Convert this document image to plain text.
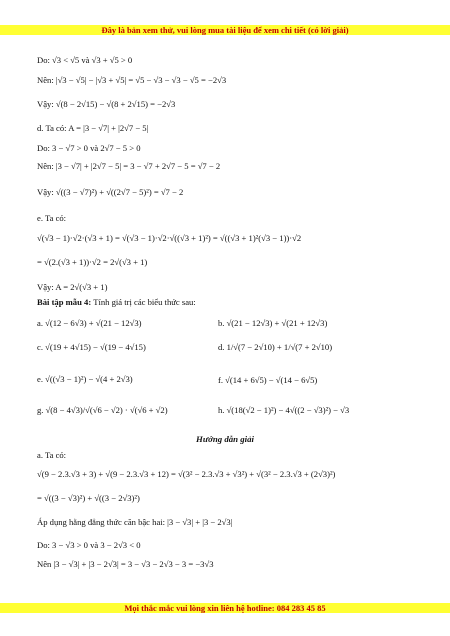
Đây là bản xem thử, vui lòng mua tài liệu để xem chi tiết (có lời giải)
Do: √3 < √5 và √3 + √5 > 0
Nên: |√3 − √5| − |√3 + √5| = √5 − √3 − √3 − √5 = −2√3
Vậy: √(8 − 2√15) − √(8 + 2√15) = −2√3
d. Ta có: A = |3 − √7| + |2√7 − 5|
Do: 3 − √7 > 0 và 2√7 − 5 > 0
Nên: |3 − √7| + |2√7 − 5| = 3 − √7 + 2√7 − 5 = √7 − 2
Vậy: √((3 − √7)²) + √((2√7 − 5)²) = √7 − 2
e. Ta có:
√(√3 − 1)·√2·(√3 + 1) = √(√3 − 1)·√2·√((√3 + 1)²) = √((√3 + 1)²(√3 − 1))·√2
= √(2.(√3 + 1))·√2 = 2√(√3 + 1)
Vậy: A = 2√(√3 + 1)
Bài tập mẫu 4: Tính giá trị các biểu thức sau:
a. √(12 − 6√3) + √(21 − 12√3)	b. √(21 − 12√3) + √(21 + 12√3)
c. √(19 + 4√15) − √(19 − 4√15)	d. 1/√(7 − 2√10) + 1/√(7 + 2√10)
e. √((√3 − 1)²) − √(4 + 2√3)	f. √(14 + 6√5) − √(14 − 6√5)
g. √(8 − 4√3)/√(√6 − √2) · √(√6 + √2)	h. √(18(√2 − 1)²) − 4√((2 − √3)²) − √3
Hướng dẫn giải
a. Ta có:
√(9 − 2.3.√3 + 3) + √(9 − 2.3.√3 + 12) = √(3² − 2.3.√3 + √3²) + √(3² − 2.3.√3 + (2√3)²)
= √((3 − √3)²) + √((3 − 2√3)²)
Áp dụng hằng đẳng thức căn bậc hai: |3 − √3| + |3 − 2√3|
Do: 3 − √3 > 0 và 3 − 2√3 < 0
Nên |3 − √3| + |3 − 2√3| = 3 − √3 − 2√3 − 3 = −3√3
Mọi thắc mắc vui lòng xin liên hệ hotline: 084 283 45 85
